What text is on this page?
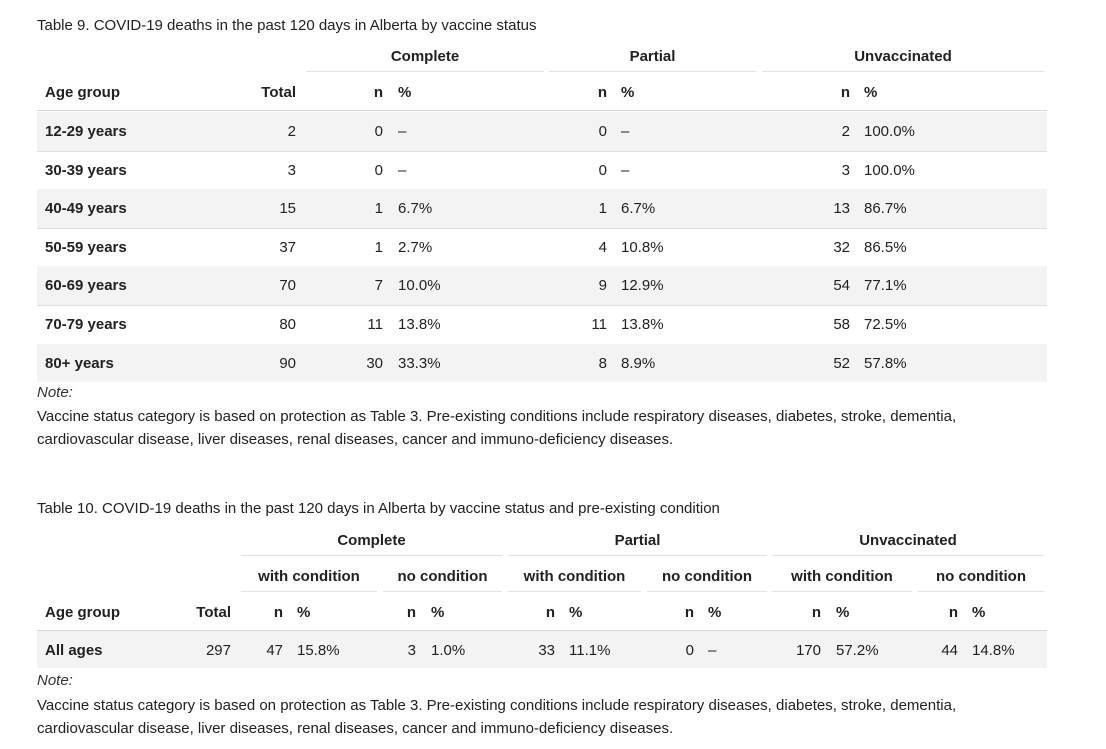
Table 9. COVID-19 deaths in the past 120 days in Alberta by vaccine status
Complete	Partial	Unvaccinated
Age group	Total	n %	n %	n %
12-29 years	2	0 –	0 –	2 100.0%
30-39 years	3	0 –	0 –	3 100.0%
40-49 years	15	1 6.7%	1 6.7%	13 86.7%
50-59 years	37	1 2.7%	4 10.8%	32 86.5%
60-69 years	70	7 10.0%	9 12.9%	54 77.1%
70-79 years	80	11 13.8%	11 13.8%	58 72.5%
80+ years	90	30 33.3%	8 8.9%	52 57.8%
Note:
Vaccine status category is based on protection as Table 3. Pre-existing conditions include respiratory diseases, diabetes, stroke, dementia, cardiovascular disease, liver diseases, renal diseases, cancer and immuno-deficiency diseases.
Table 10. COVID-19 deaths in the past 120 days in Alberta by vaccine status and pre-existing condition
Complete	Partial	Unvaccinated
with condition	no condition	with condition	no condition	with condition	no condition
Age group	Total	n %	n %	n %	n %	n %	n %
All ages	297	47 15.8%	3 1.0%	33 11.1%	0 –	170 57.2%	44 14.8%
Note:
Vaccine status category is based on protection as Table 3. Pre-existing conditions include respiratory diseases, diabetes, stroke, dementia, cardiovascular disease, liver diseases, renal diseases, cancer and immuno-deficiency diseases.
